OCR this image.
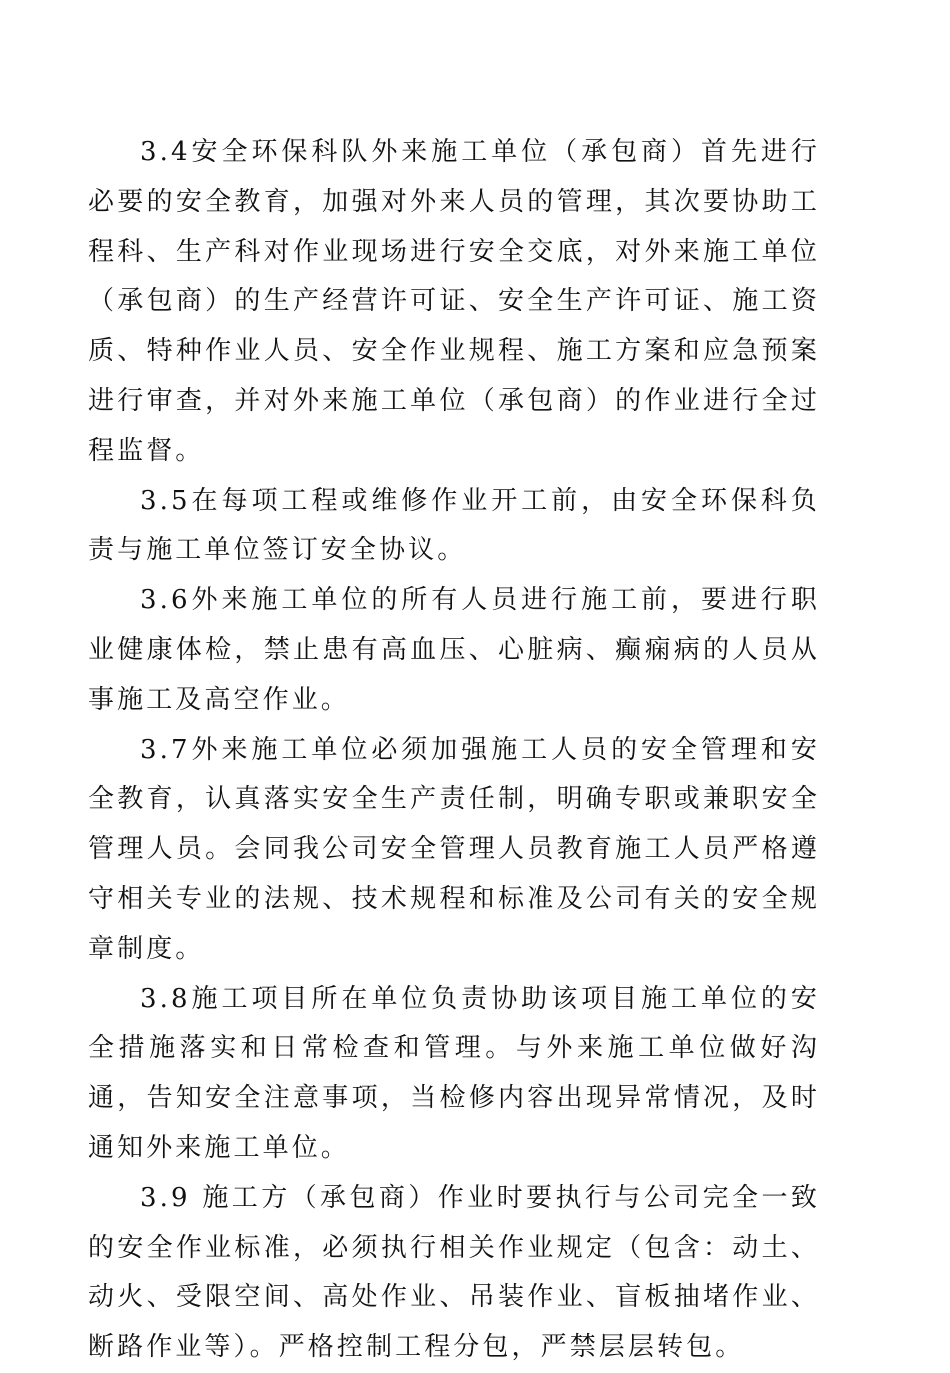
3.4安全环保科队外来施工单位（承包商）首先进行必要的安全教育，加强对外来人员的管理，其次要协助工程科、生产科对作业现场进行安全交底，对外来施工单位（承包商）的生产经营许可证、安全生产许可证、施工资质、特种作业人员、安全作业规程、施工方案和应急预案进行审查，并对外来施工单位（承包商）的作业进行全过程监督。

3.5在每项工程或维修作业开工前，由安全环保科负责与施工单位签订安全协议。

3.6外来施工单位的所有人员进行施工前，要进行职业健康体检，禁止患有高血压、心脏病、癫痫病的人员从事施工及高空作业。

3.7外来施工单位必须加强施工人员的安全管理和安全教育，认真落实安全生产责任制，明确专职或兼职安全管理人员。会同我公司安全管理人员教育施工人员严格遵守相关专业的法规、技术规程和标准及公司有关的安全规章制度。

3.8施工项目所在单位负责协助该项目施工单位的安全措施落实和日常检查和管理。与外来施工单位做好沟通，告知安全注意事项，当检修内容出现异常情况，及时通知外来施工单位。

3.9 施工方（承包商）作业时要执行与公司完全一致的安全作业标准，必须执行相关作业规定（包含：动土、动火、受限空间、高处作业、吊装作业、盲板抽堵作业、断路作业等）。严格控制工程分包，严禁层层转包。
